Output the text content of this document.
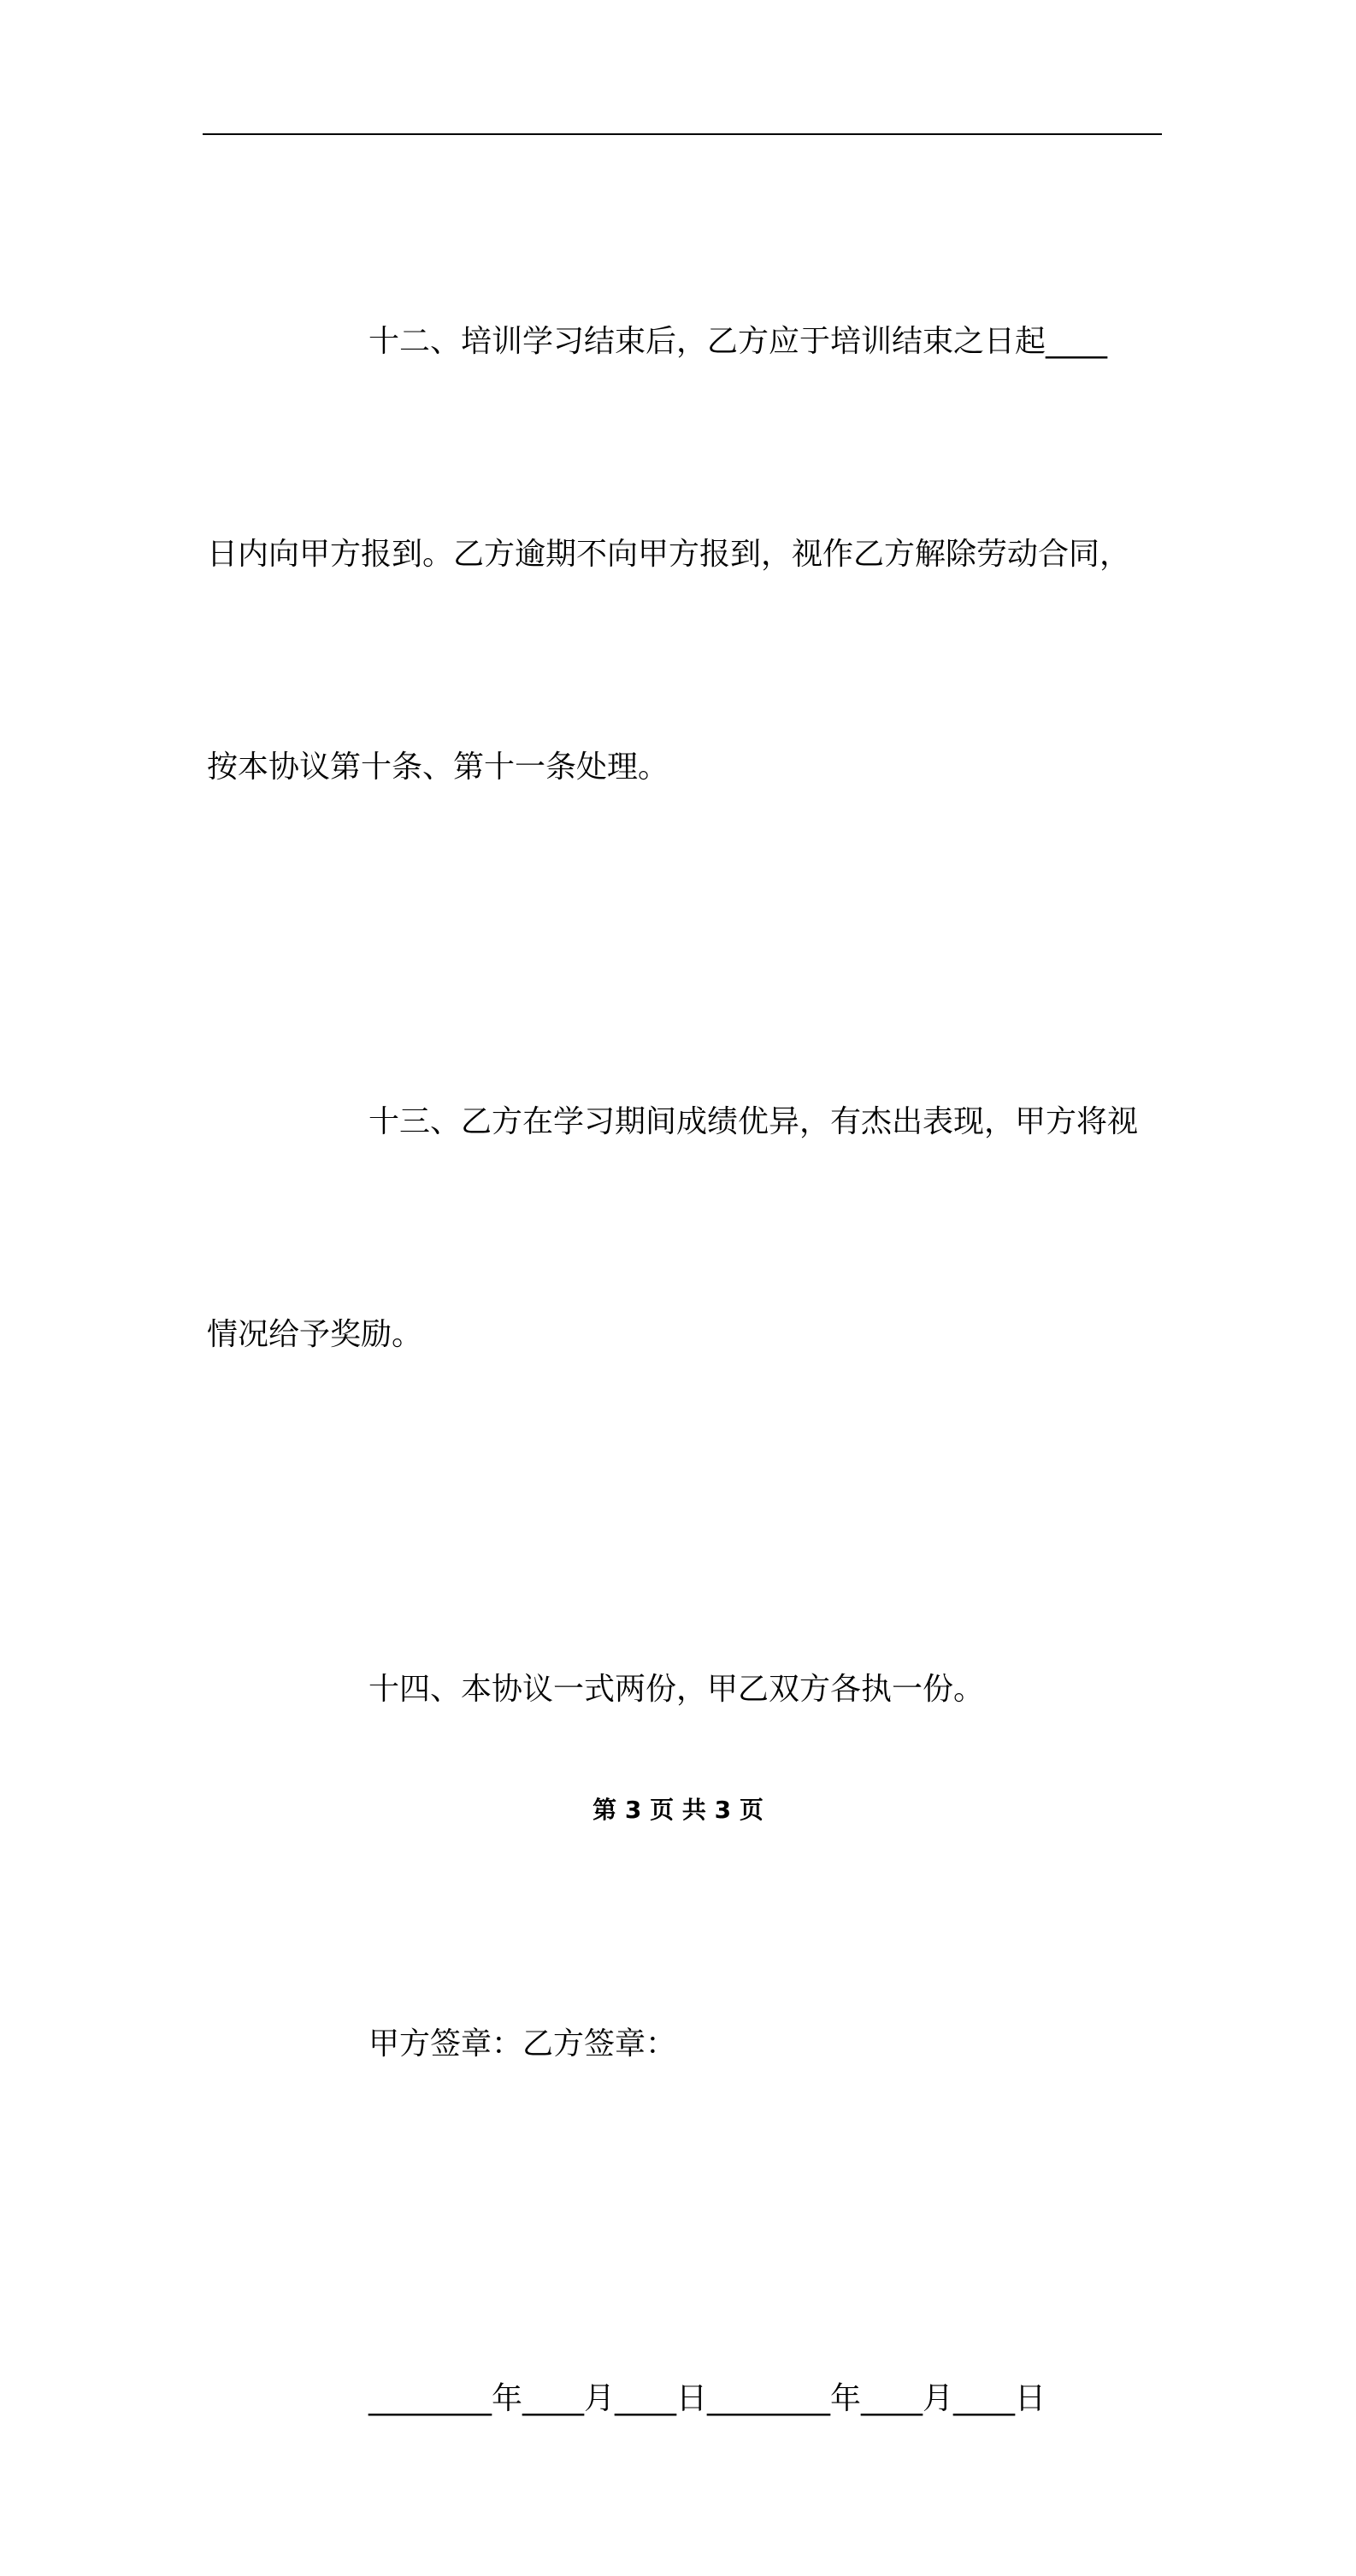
十二、培训学习结束后，乙方应于培训结束之日起____

日内向甲方报到。乙方逾期不向甲方报到，视作乙方解除劳动合同，

按本协议第十条、第十一条处理。

十三、乙方在学习期间成绩优异，有杰出表现，甲方将视

情况给予奖励。

十四、本协议一式两份，甲乙双方各执一份。

甲方签章：乙方签章：

________年____月____日________年____月____日

第 3 页 共 3 页
